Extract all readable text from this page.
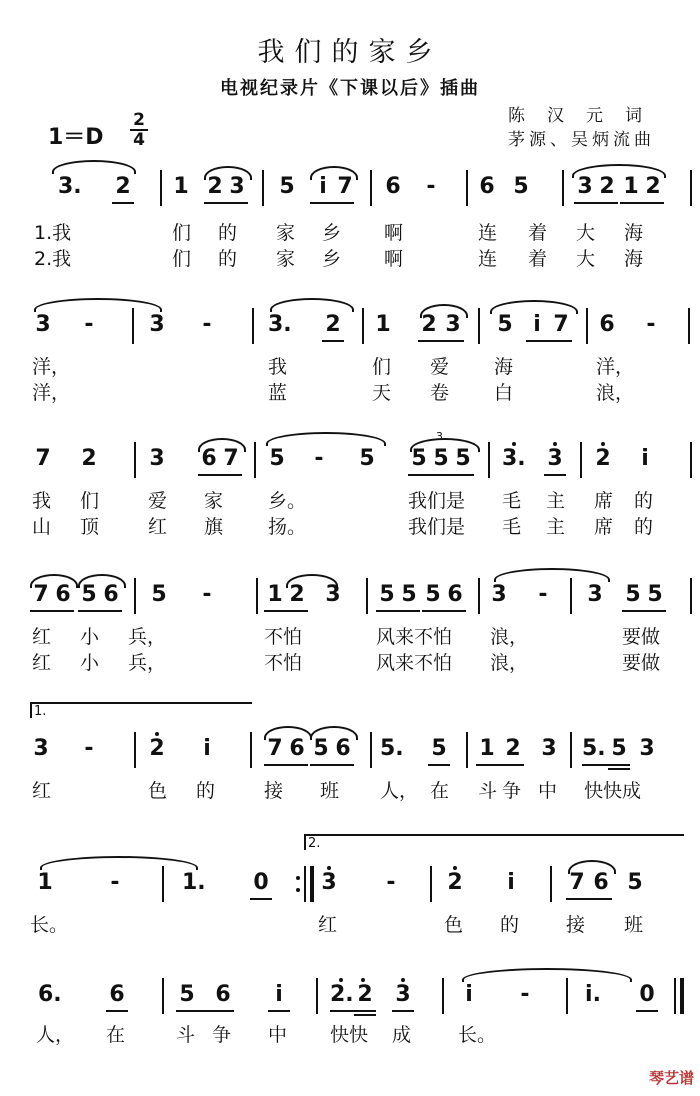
我们的家乡
电视纪录片《下课以后》插曲
1＝D
2
4
陈汉元词
茅源、吴炳流曲
3. 2 1 2 3 5	i 7 6 - 6 5 3 2 1 2
1.我	们 的 家 乡 啊	连 着 大 海
2.我	们 的 家 乡 啊	连 着 大 海
3 -	3 -	3. 2 1 2 3 5 i 7 6 -
洋，	我	们 爱 海	洋，
洋，	蓝	天 卷 白	浪，
7 2 3 6 7 5 - 5
3
5 5 5 3. 3 2	i
我 们	爱 家 乡。	我们是 毛 主 席 的
山 顶	红 旗 扬。	我们是 毛 主 席 的
7 6 5 6 5 -	1 2 3 5 5 5 6 3 - 3 5 5
红 小 兵，	不怕	风来不怕 浪，	要做
红 小 兵，	不怕	风来不怕 浪，	要做
1.
3 -	2	i	7 6 5 6 5. 5 1 2 3 5. 5 3
红	色 的	接 班 人， 在 斗 争 中 快快成
2.
1	-	1. 0 3 - 2	i	7 6 5
长。	红	色 的 接 班
6. 6 5 6	i	2. 2 3	i	-	i. 0
人， 在	斗 争 中 快快 成 长。
琴艺谱
